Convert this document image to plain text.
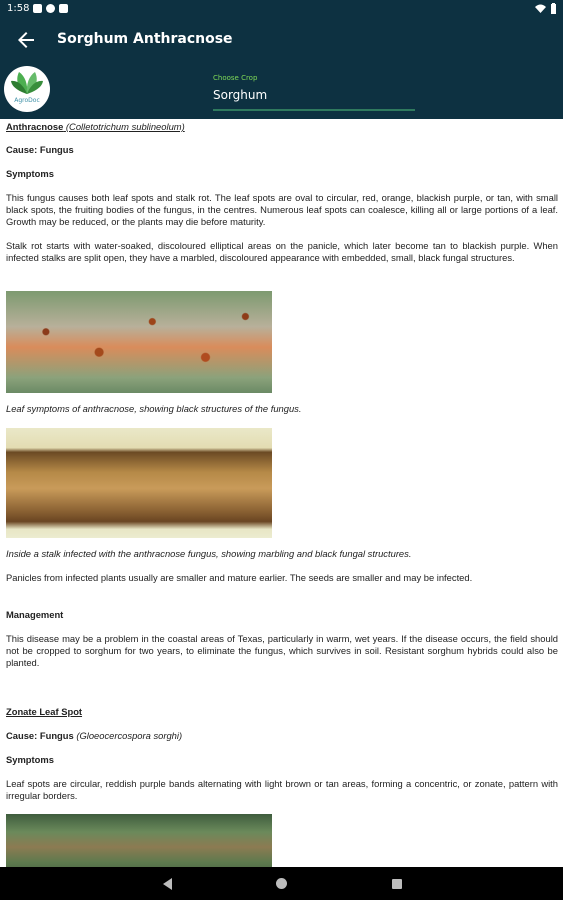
1:58
Sorghum Anthracnose
AgroDoc
Choose Crop
Sorghum
Anthracnose (Colletotrichum sublineolum)
Cause: Fungus
Symptoms

This fungus causes both leaf spots and stalk rot. The leaf spots are oval to circular, red, orange, blackish purple, or tan, with small black spots, the fruiting bodies of the fungus, in the centres. Numerous leaf spots can coalesce, killing all or large portions of a leaf. Growth may be reduced, or the plants may die before maturity.

Stalk rot starts with water-soaked, discoloured elliptical areas on the panicle, which later become tan to blackish purple. When infected stalks are split open, they have a marbled, discoloured appearance with embedded, small, black fungal structures.

Leaf symptoms of anthracnose, showing black structures of the fungus.
Inside a stalk infected with the anthracnose fungus, showing marbling and black fungal structures.

Panicles from infected plants usually are smaller and mature earlier. The seeds are smaller and may be infected.

Management

This disease may be a problem in the coastal areas of Texas, particularly in warm, wet years. If the disease occurs, the field should not be cropped to sorghum for two years, to eliminate the fungus, which survives in soil. Resistant sorghum hybrids could also be planted.

Zonate Leaf Spot
Cause: Fungus (Gloeocercospora sorghi)
Symptoms

Leaf spots are circular, reddish purple bands alternating with light brown or tan areas, forming a concentric, or zonate, pattern with irregular borders.
